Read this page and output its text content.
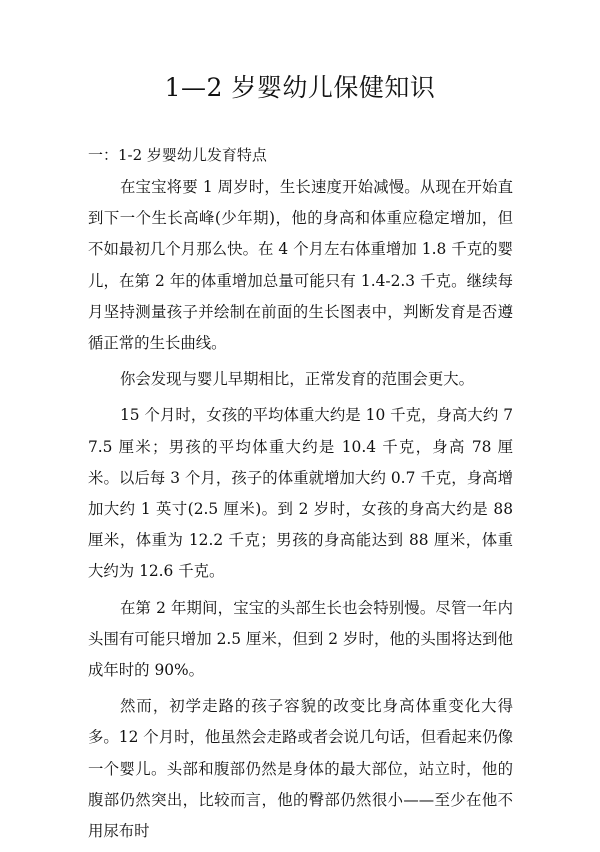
1—2 岁婴幼儿保健知识
一：1-2 岁婴幼儿发育特点

在宝宝将要 1 周岁时，生长速度开始减慢。从现在开始直到下一个生长高峰(少年期)，他的身高和体重应稳定增加，但不如最初几个月那么快。在 4 个月左右体重增加 1.8 千克的婴儿，在第 2 年的体重增加总量可能只有 1.4-2.3 千克。继续每月坚持测量孩子并绘制在前面的生长图表中，判断发育是否遵循正常的生长曲线。

你会发现与婴儿早期相比，正常发育的范围会更大。

15 个月时，女孩的平均体重大约是 10 千克，身高大约 77.5 厘米；男孩的平均体重大约是 10.4 千克，身高 78 厘米。以后每 3 个月，孩子的体重就增加大约 0.7 千克，身高增加大约 1 英寸(2.5 厘米)。到 2 岁时，女孩的身高大约是 88 厘米，体重为 12.2 千克；男孩的身高能达到 88 厘米，体重大约为 12.6 千克。

在第 2 年期间，宝宝的头部生长也会特别慢。尽管一年内头围有可能只增加 2.5 厘米，但到 2 岁时，他的头围将达到他成年时的 90%。

然而，初学走路的孩子容貌的改变比身高体重变化大得多。12 个月时，他虽然会走路或者会说几句话，但看起来仍像一个婴儿。头部和腹部仍然是身体的最大部位，站立时，他的腹部仍然突出，比较而言，他的臀部仍然很小——至少在他不用尿布时
